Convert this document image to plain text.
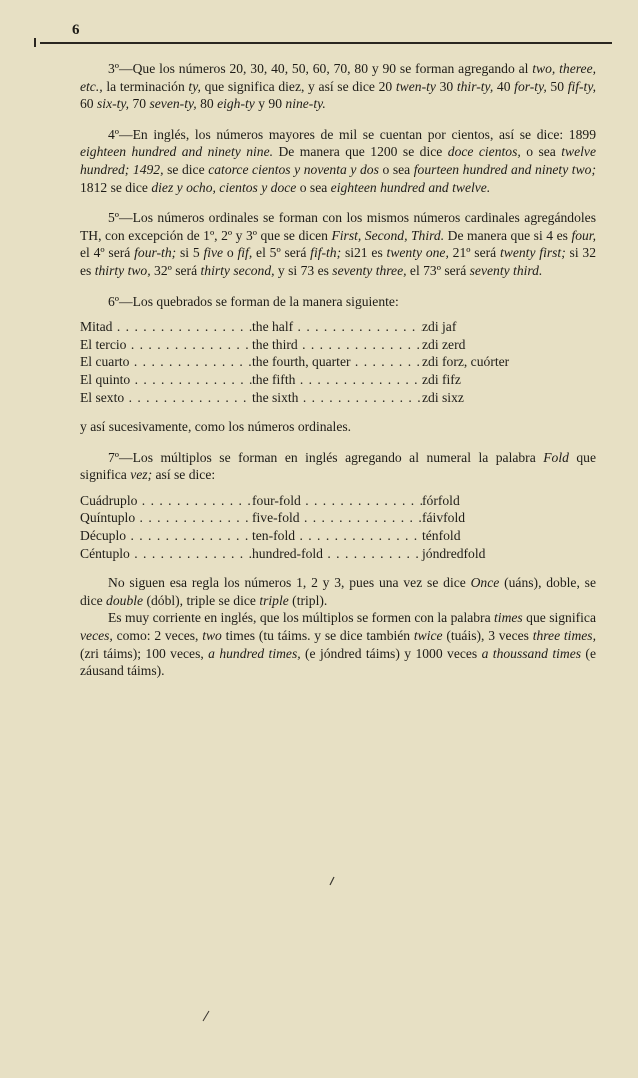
6

3º—Que los números 20, 30, 40, 50, 60, 70, 80 y 90 se forman agregando al two, theree, etc., la terminación ty, que significa diez, y así se dice 20 twen-ty 30 thir-ty, 40 for-ty, 50 fif-ty, 60 six-ty, 70 seven-ty, 80 eigh-ty y 90 nine-ty.

4º—En inglés, los números mayores de mil se cuentan por cientos, así se dice: 1899 eighteen hundred and ninety nine. De manera que 1200 se dice doce cientos, o sea twelve hundred; 1492, se dice catorce cientos y noventa y dos o sea fourteen hundred and ninety two; 1812 se dice diez y ocho, cientos y doce o sea eighteen hundred and twelve.

5º—Los números ordinales se forman con los mismos números cardinales agregándoles TH, con excepción de 1º, 2º y 3º que se dicen First, Second, Third. De manera que si 4 es four, el 4º será four-th; si 5 five o fif, el 5º será fif-th; si21 es twenty one, 21º será twenty first; si 32 es thirty two, 32º será thirty second, y si 73 es seventy three, el 73º será seventy third.

6º—Los quebrados se forman de la manera siguiente:

Mitad . . .	the half . . .	zdi jaf
El tercio . . .	the third . . .	zdi zerd
El cuarto . . .	the fourth, quarter . . .	zdi forz, cuórter
El quinto . . .	the fifth . . .	zdi fifz
El sexto . . .	the sixth . . .	zdi sixz

y así sucesivamente, como los números ordinales.

7º—Los múltiplos se forman en inglés agregando al numeral la palabra Fold que significa vez; así se dice:

Cuádruplo . . .	four-fold . . .	fórfold
Quíntuplo . . .	five-fold . . .	fáivfold
Décuplo . . .	ten-fold . . .	ténfold
Céntuplo . . .	hundred-fold . . .	jóndredfold

No siguen esa regla los números 1, 2 y 3, pues una vez se dice Once (uáns), doble, se dice double (dóbl), triple se dice triple (tripl).

Es muy corriente en inglés, que los múltiplos se formen con la palabra times que significa veces, como: 2 veces, two times (tu táims. y se dice también twice (tuáis), 3 veces three times, (zri táims); 100 veces, a hundred times, (e jóndred táims) y 1000 veces a thoussand times (e záusand táims).
